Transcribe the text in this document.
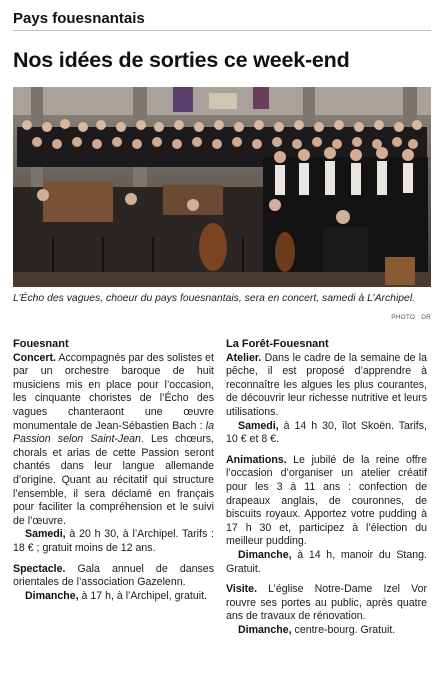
Pays fouesnantais
Nos idées de sorties ce week-end
L’Écho des vagues, choeur du pays fouesnantais, sera en concert, samedi à L’Archipel.
PHOTO : DR
Fouesnant

Concert. Accompagnés par des solistes et par un orchestre baroque de huit musiciens mis en place pour l’occasion, les cinquante choristes de l’Écho des vagues chanteraont une œuvre monumentale de Jean-Sébastien Bach : la Passion selon Saint-Jean. Les chœurs, chorals et arias de cette Passion seront chantés dans leur langue allemande d’origine. Quant au récitatif qui structure l’ensemble, il sera déclamé en français pour faciliter la compréhension et le suivi de l’œuvre.
Samedi, à 20 h 30, à l’Archipel. Tarifs : 18 € ; gratuit moins de 12 ans.

Spectacle. Gala annuel de danses orientales de l’association Gazelenn.
Dimanche, à 17 h, à l’Archipel, gratuit.

La Forêt-Fouesnant

Atelier. Dans le cadre de la semaine de la pêche, il est proposé d’apprendre à reconnaître les algues les plus courantes, de découvrir leur richesse nutritive et leurs utilisations.
Samedi, à 14 h 30, îlot Skoën. Tarifs, 10 € et 8 €.

Animations. Le jubilé de la reine offre l’occasion d’organiser un atelier créatif pour les 3 à 11 ans : confection de drapeaux anglais, de couronnes, de biscuits royaux. Apportez votre pudding à 17 h 30 et, participez à l’élection du meilleur pudding.
Dimanche, à 14 h, manoir du Stang. Gratuit.

Visite. L’église Notre-Dame Izel Vor rouvre ses portes au public, après quatre ans de travaux de rénovation.
Dimanche, centre-bourg. Gratuit.
